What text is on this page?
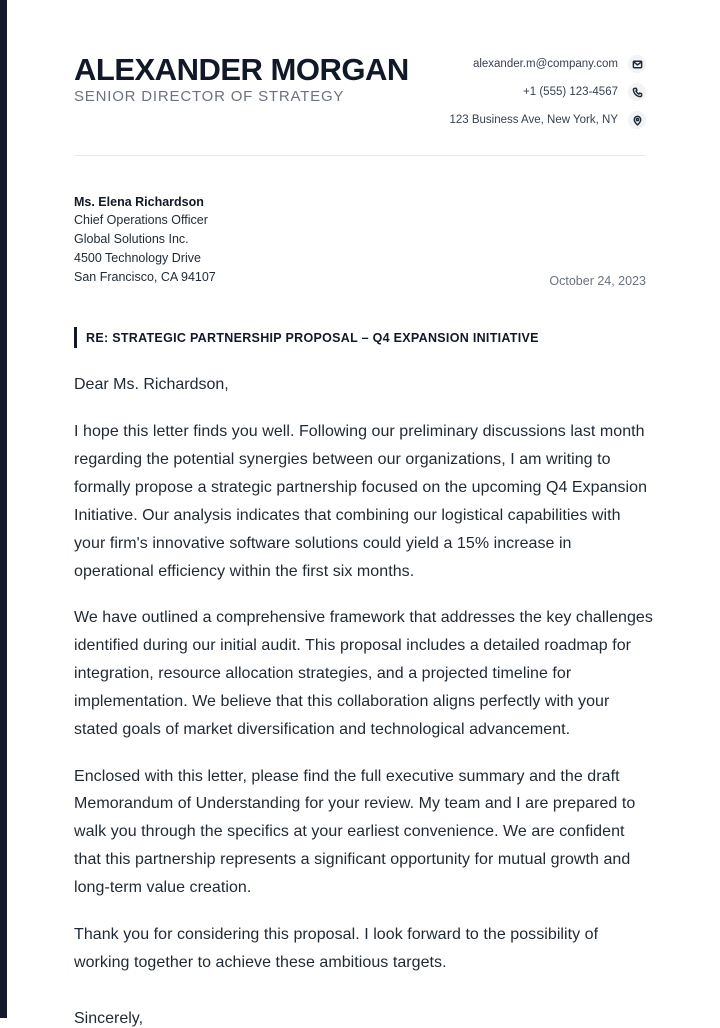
ALEXANDER MORGAN
SENIOR DIRECTOR OF STRATEGY
alexander.m@company.com
+1 (555) 123-4567
123 Business Ave, New York, NY
Ms. Elena Richardson
Chief Operations Officer
Global Solutions Inc.
4500 Technology Drive
San Francisco, CA 94107	October 24, 2023
RE: STRATEGIC PARTNERSHIP PROPOSAL – Q4 EXPANSION INITIATIVE
Dear Ms. Richardson,

I hope this letter finds you well. Following our preliminary discussions last month regarding the potential synergies between our organizations, I am writing to formally propose a strategic partnership focused on the upcoming Q4 Expansion Initiative. Our analysis indicates that combining our logistical capabilities with your firm's innovative software solutions could yield a 15% increase in operational efficiency within the first six months.

We have outlined a comprehensive framework that addresses the key challenges identified during our initial audit. This proposal includes a detailed roadmap for integration, resource allocation strategies, and a projected timeline for implementation. We believe that this collaboration aligns perfectly with your stated goals of market diversification and technological advancement.

Enclosed with this letter, please find the full executive summary and the draft Memorandum of Understanding for your review. My team and I are prepared to walk you through the specifics at your earliest convenience. We are confident that this partnership represents a significant opportunity for mutual growth and long-term value creation.

Thank you for considering this proposal. I look forward to the possibility of working together to achieve these ambitious targets.

Sincerely,
